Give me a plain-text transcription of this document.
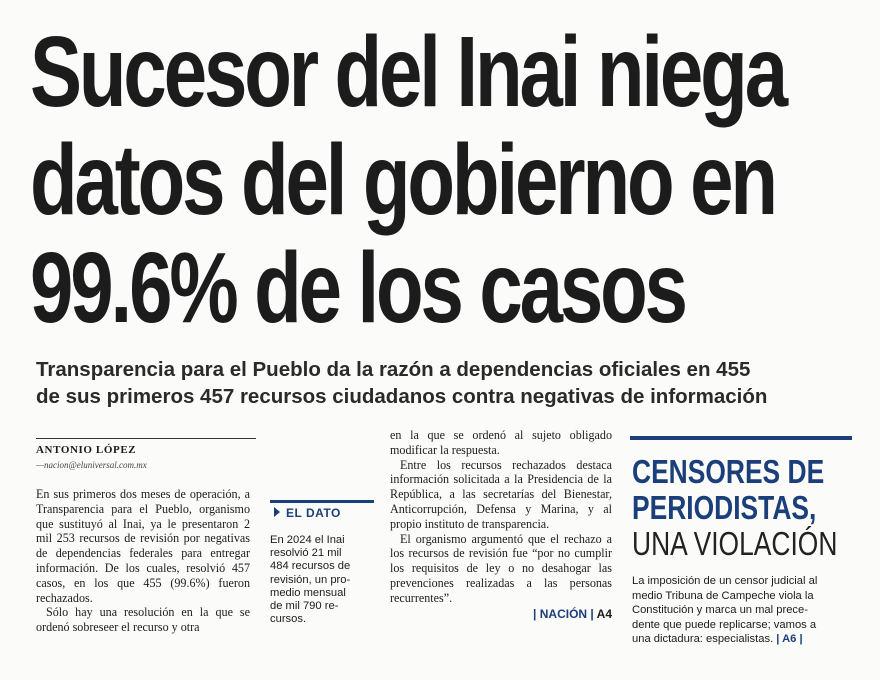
Sucesor del Inai niega
datos del gobierno en
99.6% de los casos
Transparencia para el Pueblo da la razón a dependencias oficiales en 455
de sus primeros 457 recursos ciudadanos contra negativas de información
ANTONIO LÓPEZ
—nacion@eluniversal.com.mx

En sus primeros dos meses de operación, a Transparencia para el Pueblo, organismo que sustituyó al Inai, ya le presentaron 2 mil 253 recursos de revisión por negativas de dependencias federales para entregar información. De los cuales, resolvió 457 casos, en los que 455 (99.6%) fueron rechazados.

Sólo hay una resolución en la que se ordenó sobreseer el recurso y otra

EL DATO
En 2024 el Inai
resolvió 21 mil
484 recursos de
revisión, un pro-
medio mensual
de mil 790 re-
cursos.

en la que se ordenó al sujeto obligado modificar la respuesta.

Entre los recursos rechazados destaca información solicitada a la Presidencia de la República, a las secretarías del Bienestar, Anticorrupción, Defensa y Marina, y al propio instituto de transparencia.

El organismo argumentó que el rechazo a los recursos de revisión fue “por no cumplir los requisitos de ley o no desahogar las prevenciones realizadas a las personas recurrentes”.

| NACIÓN | A4
CENSORES DE
PERIODISTAS,
UNA VIOLACIÓN
La imposición de un censor judicial al
medio Tribuna de Campeche viola la
Constitución y marca un mal prece-
dente que puede replicarse; vamos a
una dictadura: especialistas. | A6 |
